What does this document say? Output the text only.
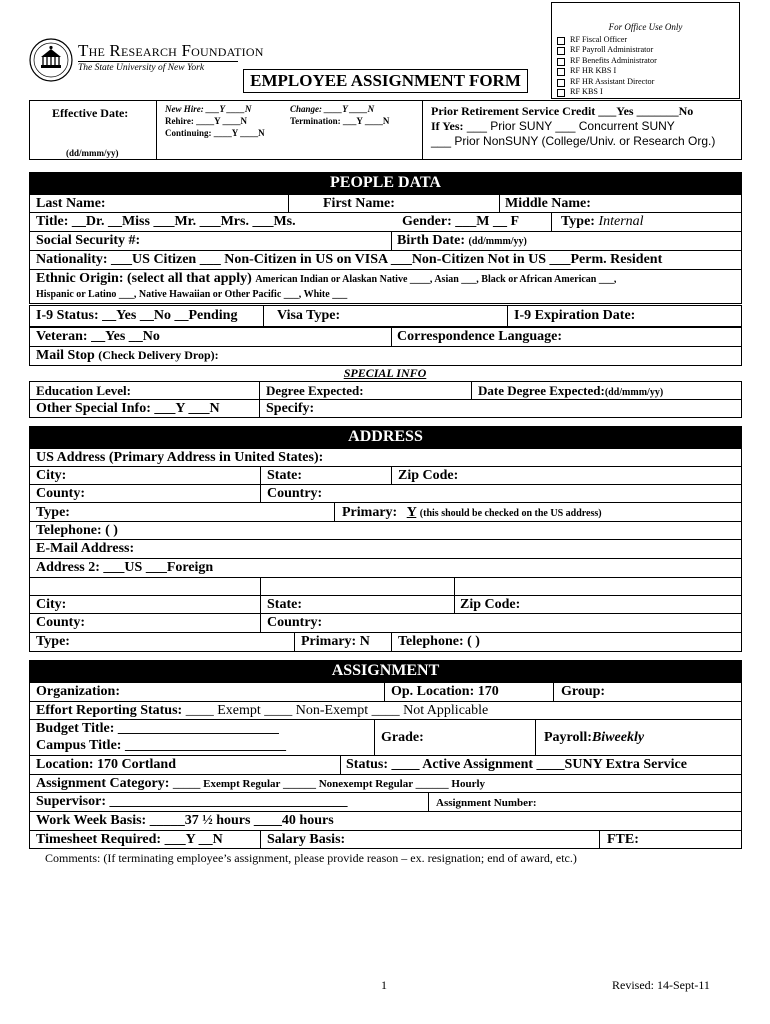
For Office Use Only
RF Fiscal Officer
RF Payroll Administrator
RF Benefits Administrator
RF HR KBS I
RF HR Assistant Director
RF KBS I
The Research Foundation
The State University of New York
EMPLOYEE ASSIGNMENT FORM
Effective Date:
(dd/mmm/yy)
New Hire: ___Y ____N
Rehire: ____Y ____N
Continuing: ____Y ____N
Change: ____Y ____N
Termination: ___Y ____N
Prior Retirement Service Credit ___Yes _______No
If Yes: ___ Prior SUNY ___ Concurrent SUNY
___ Prior NonSUNY (College/Univ. or Research Org.)
PEOPLE DATA
Last Name:	First Name:	Middle Name:
Title: __Dr. __Miss ___Mr. ___Mrs. ___Ms.	Gender: ___M __ F	Type: Internal
Social Security #:	Birth Date: (dd/mmm/yy)
Nationality: ___US Citizen ___ Non-Citizen in US on VISA ___Non-Citizen Not in US ___Perm. Resident
Ethnic Origin: (select all that apply) American Indian or Alaskan Native ____, Asian ___, Black or African American ___,
Hispanic or Latino ___, Native Hawaiian or Other Pacific ___, White ___
I-9 Status: __Yes __No __Pending	Visa Type:	I-9 Expiration Date:
Veteran: __Yes __No	Correspondence Language:
Mail Stop (Check Delivery Drop):
SPECIAL INFO
Education Level:	Degree Expected:	Date Degree Expected:(dd/mmm/yy)
Other Special Info: ___Y ___N	Specify:
ADDRESS
US Address (Primary Address in United States):
City:	State:	Zip Code:
County:	Country:
Type:	Primary: Y (this should be checked on the US address)
Telephone: ( )
E-Mail Address:
Address 2: ___US ___Foreign
City:	State:	Zip Code:
County:	Country:
Type:	Primary: N Telephone: ( )
ASSIGNMENT
Organization:	Op. Location: 170	Group:
Effort Reporting Status: ____ Exempt ____ Non-Exempt ____ Not Applicable
Budget Title: _______________________
Campus Title: _______________________
Grade:	Payroll:Biweekly
Location: 170 Cortland	Status: ____ Active Assignment ____SUNY Extra Service
Assignment Category: _____ Exempt Regular ______ Nonexempt Regular ______ Hourly
Supervisor: __________________________________	Assignment Number:
Work Week Basis: _____37 ½ hours ____40 hours
Timesheet Required: ___Y __N	Salary Basis:	FTE:
Comments: (If terminating employee’s assignment, please provide reason – ex. resignation; end of award, etc.)
1	Revised: 14-Sept-11
